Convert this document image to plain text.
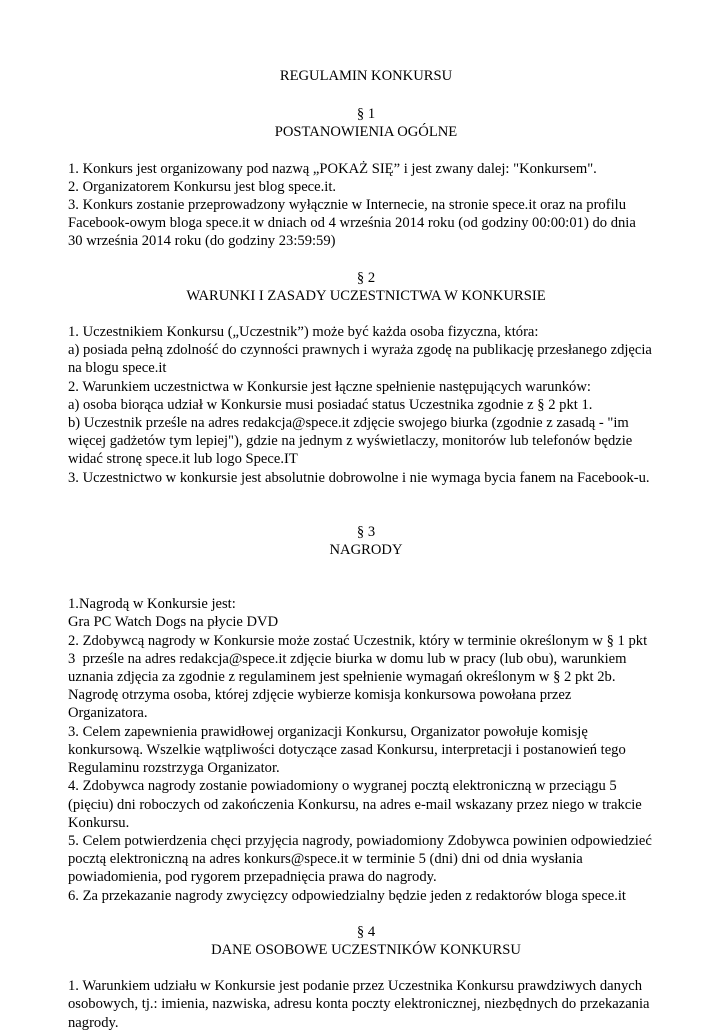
REGULAMIN KONKURSU
§ 1
POSTANOWIENIA OGÓLNE
1. Konkurs jest organizowany pod nazwą „POKAŻ SIĘ” i jest zwany dalej: "Konkursem".
2. Organizatorem Konkursu jest blog spece.it.
3. Konkurs zostanie przeprowadzony wyłącznie w Internecie, na stronie spece.it oraz na profilu
Facebook-owym bloga spece.it w dniach od 4 września 2014 roku (od godziny 00:00:01) do dnia
30 września 2014 roku (do godziny 23:59:59)
§ 2
WARUNKI I ZASADY UCZESTNICTWA W KONKURSIE
1. Uczestnikiem Konkursu („Uczestnik”) może być każda osoba fizyczna, która:
a) posiada pełną zdolność do czynności prawnych i wyraża zgodę na publikację przesłanego zdjęcia
na blogu spece.it
2. Warunkiem uczestnictwa w Konkursie jest łączne spełnienie następujących warunków:
a) osoba biorąca udział w Konkursie musi posiadać status Uczestnika zgodnie z § 2 pkt 1.
b) Uczestnik prześle na adres redakcja@spece.it zdjęcie swojego biurka (zgodnie z zasadą - "im
więcej gadżetów tym lepiej"), gdzie na jednym z wyświetlaczy, monitorów lub telefonów będzie
widać stronę spece.it lub logo Spece.IT
3. Uczestnictwo w konkursie jest absolutnie dobrowolne i nie wymaga bycia fanem na Facebook-u.
§ 3
NAGRODY
1.Nagrodą w Konkursie jest:
Gra PC Watch Dogs na płycie DVD
2. Zdobywcą nagrody w Konkursie może zostać Uczestnik, który w terminie określonym w § 1 pkt
3  prześle na adres redakcja@spece.it zdjęcie biurka w domu lub w pracy (lub obu), warunkiem
uznania zdjęcia za zgodnie z regulaminem jest spełnienie wymagań określonym w § 2 pkt 2b.
Nagrodę otrzyma osoba, której zdjęcie wybierze komisja konkursowa powołana przez
Organizatora.
3. Celem zapewnienia prawidłowej organizacji Konkursu, Organizator powołuje komisję
konkursową. Wszelkie wątpliwości dotyczące zasad Konkursu, interpretacji i postanowień tego
Regulaminu rozstrzyga Organizator.
4. Zdobywca nagrody zostanie powiadomiony o wygranej pocztą elektroniczną w przeciągu 5
(pięciu) dni roboczych od zakończenia Konkursu, na adres e-mail wskazany przez niego w trakcie
Konkursu.
5. Celem potwierdzenia chęci przyjęcia nagrody, powiadomiony Zdobywca powinien odpowiedzieć
pocztą elektroniczną na adres konkurs@spece.it w terminie 5 (dni) dni od dnia wysłania
powiadomienia, pod rygorem przepadnięcia prawa do nagrody.
6. Za przekazanie nagrody zwycięzcy odpowiedzialny będzie jeden z redaktorów bloga spece.it
§ 4
DANE OSOBOWE UCZESTNIKÓW KONKURSU
1. Warunkiem udziału w Konkursie jest podanie przez Uczestnika Konkursu prawdziwych danych
osobowych, tj.: imienia, nazwiska, adresu konta poczty elektronicznej, niezbędnych do przekazania
nagrody.
